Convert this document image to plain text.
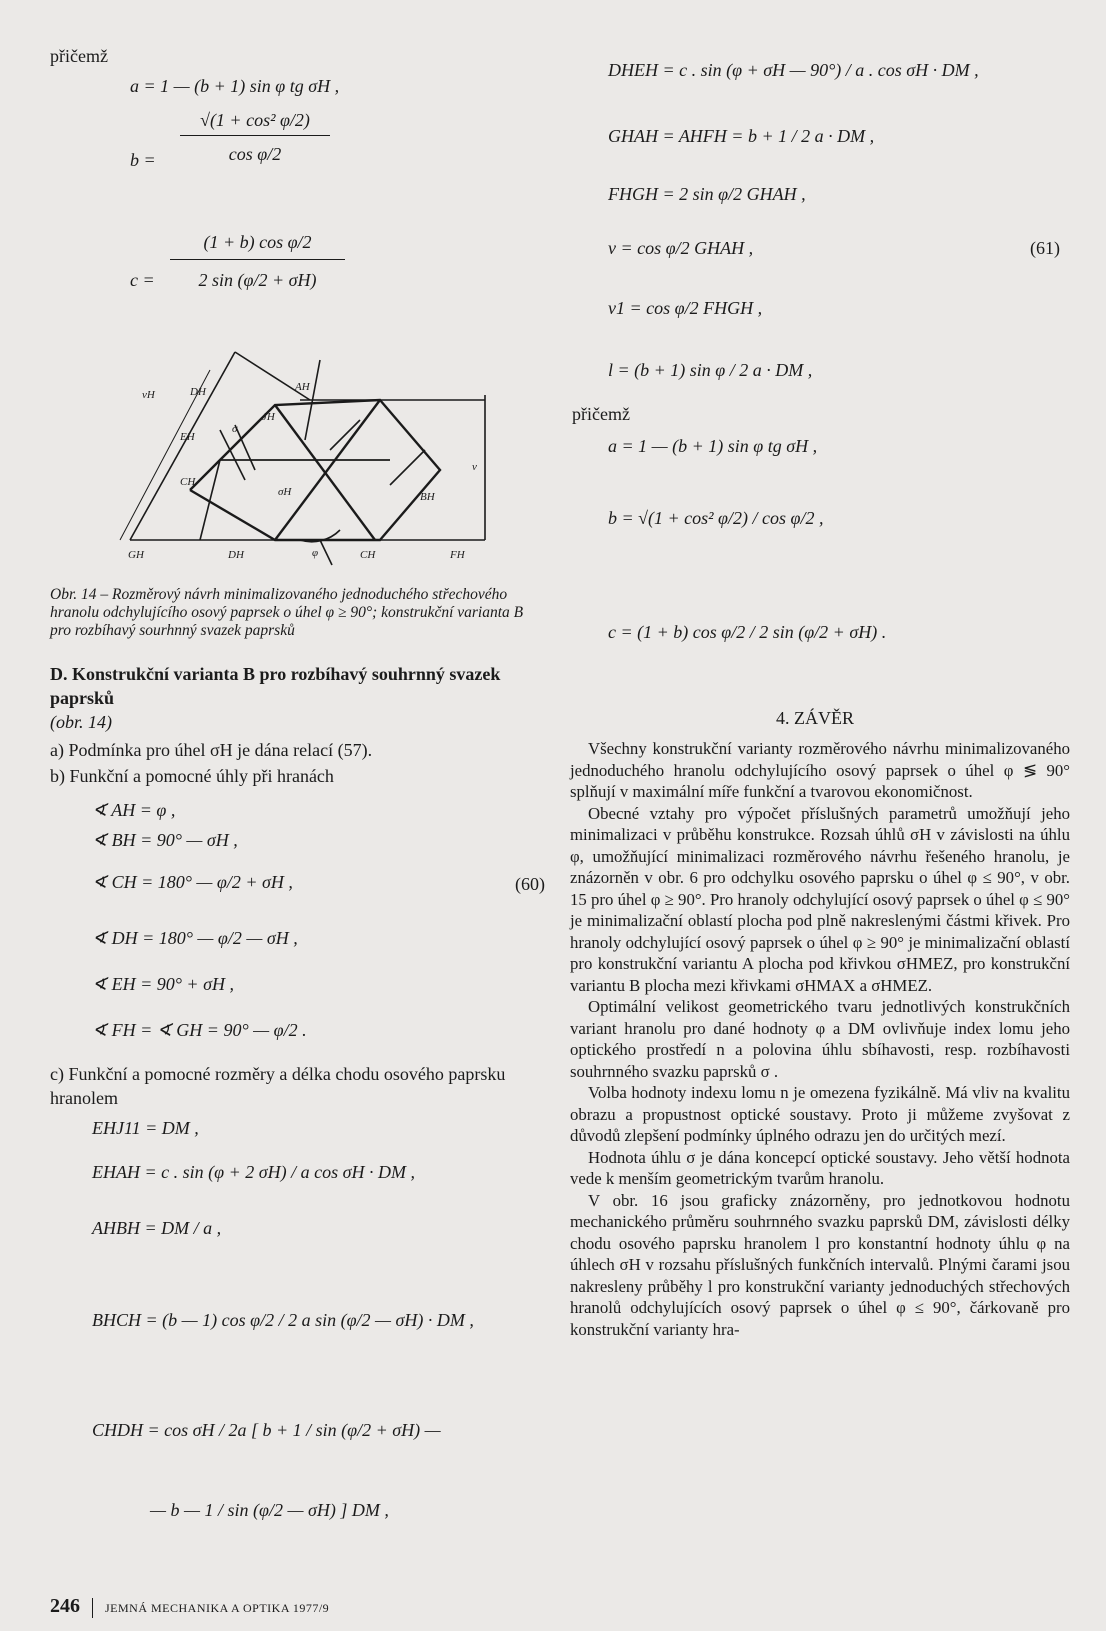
přičemž
a = 1 — (b + 1) sin φ tg σH ,
$b = \frac{\text{√(1 + cos² φ/2)}}{\text{cos φ/2}}$
$c = \frac{\text{(1 + b) cos φ/2}}{2 \sin (\varphi/2 + \sigma H)}$
vH	DH	AH
JH
σ
EH
CH
σH	BH
v
GH	DH	φ	CH	FH
Obr. 14 – Rozměrový návrh minimalizovaného jednoduchého střechového hranolu odchylujícího osový paprsek o úhel φ ≥ 90°; konstrukční varianta B pro rozbíhavý sourhnný svazek paprsků
D. Konstrukční varianta B pro rozbíhavý souhrnný svazek paprsků
(obr. 14)
a) Podmínka pro úhel σH je dána relací (57).
b) Funkční a pomocné úhly při hranách
∢ AH = φ ,
∢ BH = 90° — σH ,
∢ CH = 180° — φ/2 + σH ,	(60)
∢ DH = 180° — φ/2 — σH ,
∢ EH = 90° + σH ,
∢ FH = ∢ GH = 90° — φ/2 .
c) Funkční a pomocné rozměry a délka chodu osového paprsku hranolem
EHJ11 = DM ,
EHAH = c . sin (φ + 2 σH) / a cos σH · DM ,
AHBH = DM / a ,
BHCH = (b — 1) cos φ/2 / 2 a sin (φ/2 — σH) · DM ,
CHDH = cos σH / 2a [ b + 1 / sin (φ/2 + σH) —
— b — 1 / sin (φ/2 — σH) ] DM ,
DHEH = c . sin (φ + σH — 90°) / a . cos σH · DM ,
GHAH = AHFH = b + 1 / 2 a · DM ,
FHGH = 2 sin φ/2 GHAH ,
v = cos φ/2 GHAH ,	(61)
v1 = cos φ/2 FHGH ,
l = (b + 1) sin φ / 2 a · DM ,
přičemž
a = 1 — (b + 1) sin φ tg σH ,
b = √(1 + cos² φ/2) / cos φ/2 ,
c = (1 + b) cos φ/2 / 2 sin (φ/2 + σH) .
4. ZÁVĚR

Všechny konstrukční varianty rozměrového návrhu minimalizovaného jednoduchého hranolu odchylujícího osový paprsek o úhel φ ≶ 90° splňují v maximální míře funkční a tvarovou ekonomičnost.

Obecné vztahy pro výpočet příslušných parametrů umožňují jeho minimalizaci v průběhu konstrukce. Rozsah úhlů σH v závislosti na úhlu φ, umožňující minimalizaci rozměrového návrhu řešeného hranolu, je znázorněn v obr. 6 pro odchylku osového paprsku o úhel φ ≤ 90°, v obr. 15 pro úhel φ ≥ 90°. Pro hranoly odchylující osový paprsek o úhel φ ≤ 90° je minimalizační oblastí plocha pod plně nakreslenými částmi křivek. Pro hranoly odchylující osový paprsek o úhel φ ≥ 90° je minimalizační oblastí pro konstrukční variantu A plocha pod křivkou σHMEZ, pro konstrukční variantu B plocha mezi křivkami σHMAX a σHMEZ.

Optimální velikost geometrického tvaru jednotlivých konstrukčních variant hranolu pro dané hodnoty φ a DM ovlivňuje index lomu jeho optického prostředí n a polovina úhlu sbíhavosti, resp. rozbíhavosti souhrnného svazku paprsků σ .

Volba hodnoty indexu lomu n je omezena fyzikálně. Má vliv na kvalitu obrazu a propustnost optické soustavy. Proto ji můžeme zvyšovat z důvodů zlepšení podmínky úplného odrazu jen do určitých mezí.

Hodnota úhlu σ je dána koncepcí optické soustavy. Jeho větší hodnota vede k menším geometrickým tvarům hranolu.

V obr. 16 jsou graficky znázorněny, pro jednotkovou hodnotu mechanického průměru souhrnného svazku paprsků DM, závislosti délky chodu osového paprsku hranolem l pro konstantní hodnoty úhlu φ na úhlech σH v rozsahu příslušných funkčních intervalů. Plnými čarami jsou nakresleny průběhy l pro konstrukční varianty jednoduchých střechových hranolů odchylujících osový paprsek o úhel φ ≤ 90°, čárkovaně pro konstrukční varianty hra-

246 JEMNÁ MECHANIKA A OPTIKA 1977/9
